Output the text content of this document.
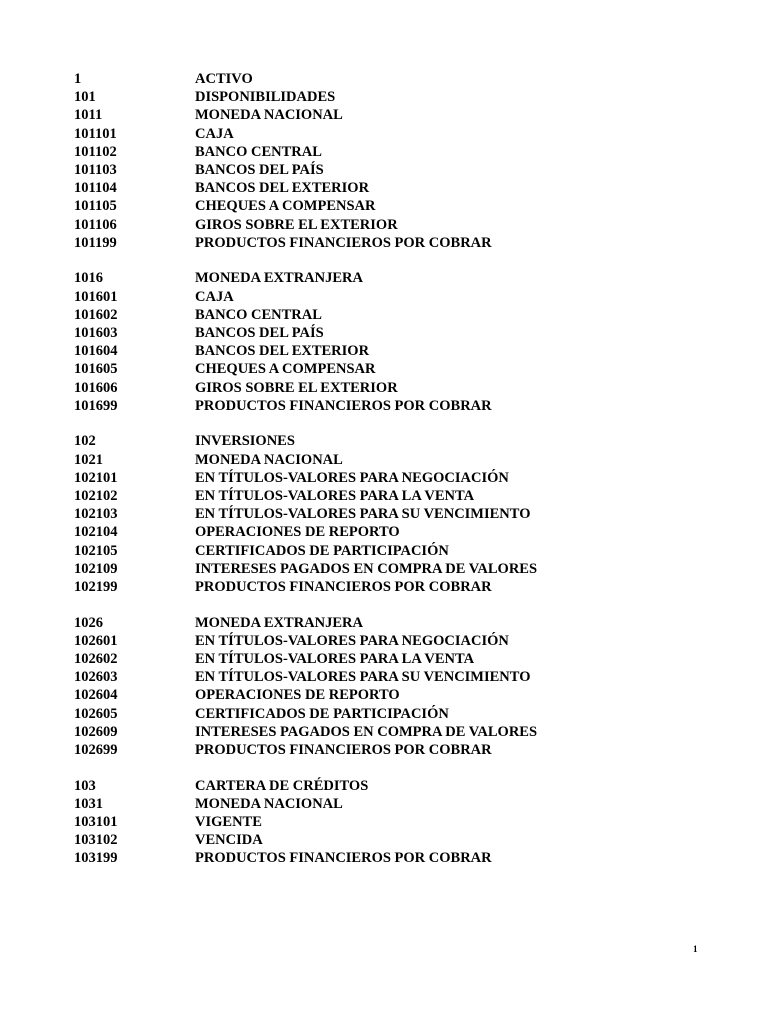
1	ACTIVO
101	DISPONIBILIDADES
1011	MONEDA NACIONAL
101101	CAJA
101102	BANCO CENTRAL
101103	BANCOS DEL PAÍS
101104	BANCOS DEL EXTERIOR
101105	CHEQUES A COMPENSAR
101106	GIROS SOBRE EL EXTERIOR
101199	PRODUCTOS FINANCIEROS POR COBRAR
1016	MONEDA EXTRANJERA
101601	CAJA
101602	BANCO CENTRAL
101603	BANCOS DEL PAÍS
101604	BANCOS DEL EXTERIOR
101605	CHEQUES A COMPENSAR
101606	GIROS SOBRE EL EXTERIOR
101699	PRODUCTOS FINANCIEROS POR COBRAR
102	INVERSIONES
1021	MONEDA NACIONAL
102101	EN TÍTULOS-VALORES PARA NEGOCIACIÓN
102102	EN TÍTULOS-VALORES PARA LA VENTA
102103	EN TÍTULOS-VALORES PARA SU VENCIMIENTO
102104	OPERACIONES DE REPORTO
102105	CERTIFICADOS DE PARTICIPACIÓN
102109	INTERESES PAGADOS EN COMPRA DE VALORES
102199	PRODUCTOS FINANCIEROS POR COBRAR
1026	MONEDA EXTRANJERA
102601	EN TÍTULOS-VALORES PARA NEGOCIACIÓN
102602	EN TÍTULOS-VALORES PARA LA VENTA
102603	EN TÍTULOS-VALORES PARA SU VENCIMIENTO
102604	OPERACIONES DE REPORTO
102605	CERTIFICADOS DE PARTICIPACIÓN
102609	INTERESES PAGADOS EN COMPRA DE VALORES
102699	PRODUCTOS FINANCIEROS POR COBRAR
103	CARTERA DE CRÉDITOS
1031	MONEDA NACIONAL
103101	VIGENTE
103102	VENCIDA
103199	PRODUCTOS FINANCIEROS POR COBRAR
1
